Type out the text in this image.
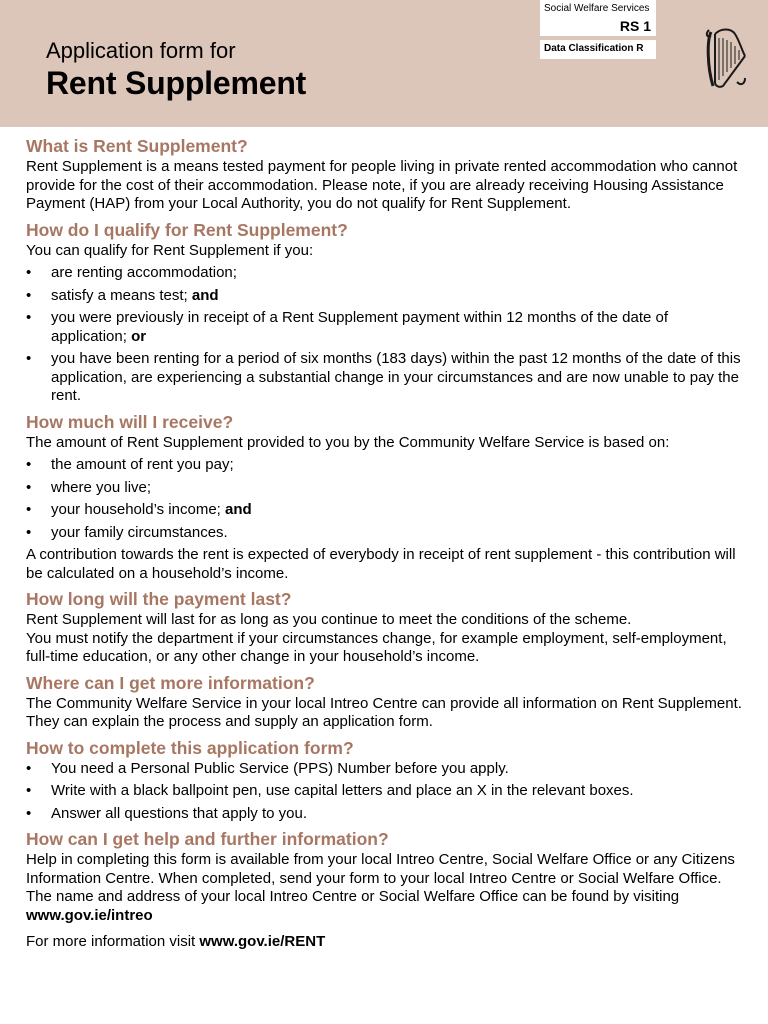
Application form for
Rent Supplement
Social Welfare Services
RS 1
Data Classification R
What is Rent Supplement?

Rent Supplement is a means tested payment for people living in private rented accommodation who cannot provide for the cost of their accommodation. Please note, if you are already receiving Housing Assistance Payment (HAP) from your Local Authority, you do not qualify for Rent Supplement.

How do I qualify for Rent Supplement?

You can qualify for Rent Supplement if you:

• are renting accommodation;
• satisfy a means test; and
• you were previously in receipt of a Rent Supplement payment within 12 months of the date of application; or
• you have been renting for a period of six months (183 days) within the past 12 months of the date of this application, are experiencing a substantial change in your circumstances and are now unable to pay the rent.
How much will I receive?

The amount of Rent Supplement provided to you by the Community Welfare Service is based on:

• the amount of rent you pay;
• where you live;
• your household’s income; and
• your family circumstances.

A contribution towards the rent is expected of everybody in receipt of rent supplement - this contribution will be calculated on a household’s income.

How long will the payment last?

Rent Supplement will last for as long as you continue to meet the conditions of the scheme.

You must notify the department if your circumstances change, for example employment, self-employment, full-time education, or any other change in your household’s income.

Where can I get more information?

The Community Welfare Service in your local Intreo Centre can provide all information on Rent Supplement. They can explain the process and supply an application form.

How to complete this application form?
• You need a Personal Public Service (PPS) Number before you apply.
• Write with a black ballpoint pen, use capital letters and place an X in the relevant boxes.
• Answer all questions that apply to you.
How can I get help and further information?

Help in completing this form is available from your local Intreo Centre, Social Welfare Office or any Citizens Information Centre. When completed, send your form to your local Intreo Centre or Social Welfare Office. The name and address of your local Intreo Centre or Social Welfare Office can be found by visiting www.gov.ie/intreo

For more information visit www.gov.ie/RENT
